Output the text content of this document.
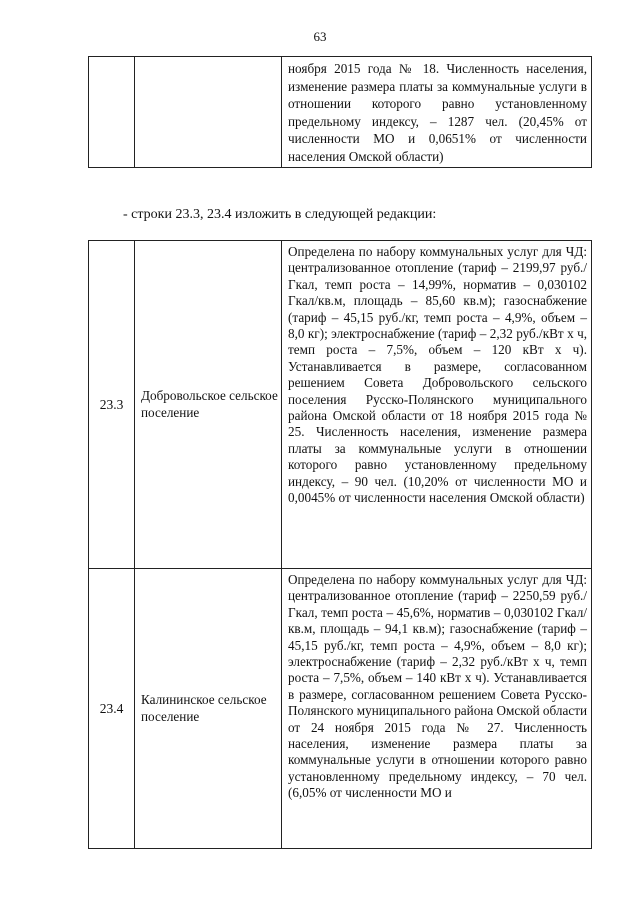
63
		ноября 2015 года № 18. Численность населения, изменение размера платы за коммунальные услуги в отношении которого равно установленному предельному индексу, – 1287 чел. (20,45% от численности МО и 0,0651% от численности населения Омской области)
- строки 23.3, 23.4 изложить в следующей редакции:
23.3	Добровольское сельское поселение	Определена по набору коммунальных услуг для ЧД: централизованное отопление (тариф – 2199,97 руб./Гкал, темп роста – 14,99%, норматив – 0,030102 Гкал/кв.м, площадь – 85,60 кв.м); газоснабжение (тариф – 45,15 руб./кг, темп роста – 4,9%, объем – 8,0 кг); электроснабжение (тариф – 2,32 руб./кВт х ч, темп роста – 7,5%, объем – 120 кВт х ч). Устанавливается в размере, согласованном решением Совета Добровольского сельского поселения Русско-Полянского муниципального района Омской области от 18 ноября 2015 года № 25. Численность населения, изменение размера платы за коммунальные услуги в отношении которого равно установленному предельному индексу, – 90 чел. (10,20% от численности МО и 0,0045% от численности населения Омской области)
23.4	Калининское сельское поселение	Определена по набору коммунальных услуг для ЧД: централизованное отопление (тариф – 2250,59 руб./Гкал, темп роста – 45,6%, норматив – 0,030102 Гкал/кв.м, площадь – 94,1 кв.м); газоснабжение (тариф – 45,15 руб./кг, темп роста – 4,9%, объем – 8,0 кг); электроснабжение (тариф – 2,32 руб./кВт х ч, темп роста – 7,5%, объем – 140 кВт х ч). Устанавливается в размере, согласованном решением Совета Русско-Полянского муниципального района Омской области от 24 ноября 2015 года № 27. Численность населения, изменение размера платы за коммунальные услуги в отношении которого равно установленному предельному индексу, – 70 чел. (6,05% от численности МО и
